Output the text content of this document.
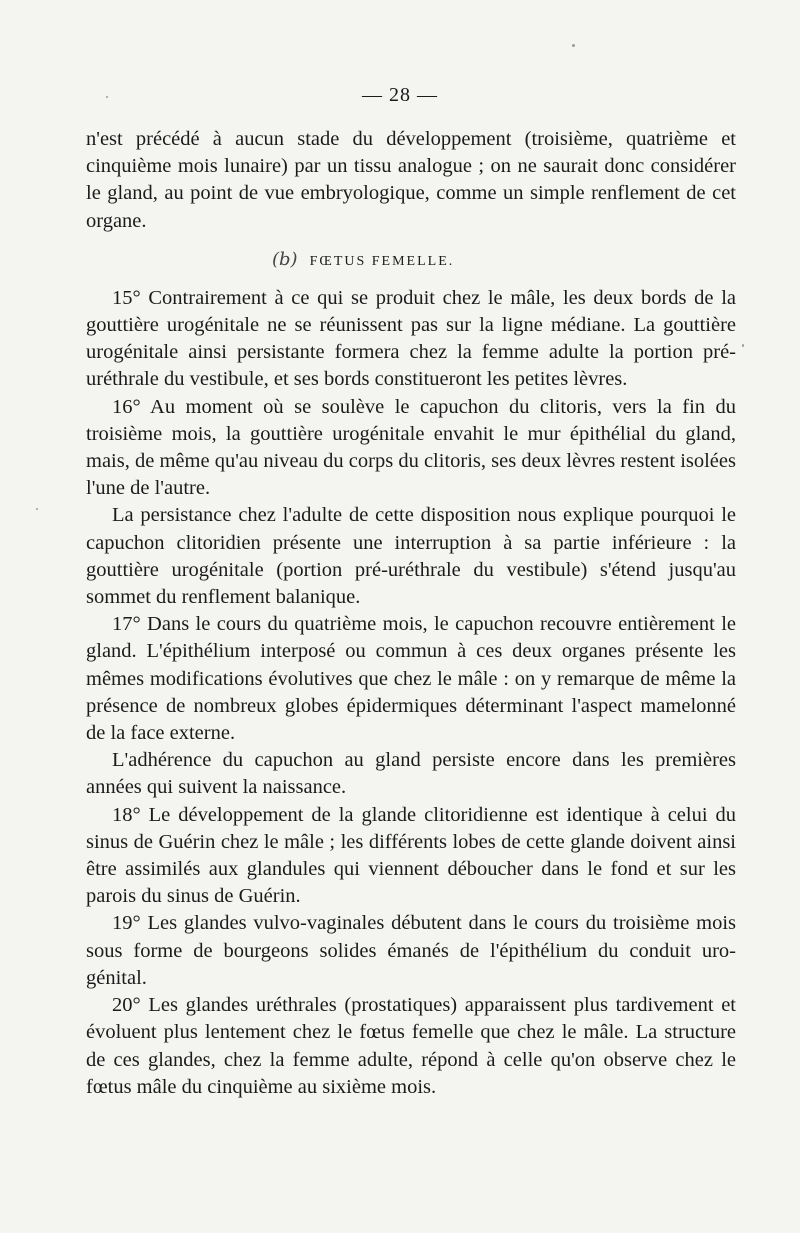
— 28 —

n'est précédé à aucun stade du développement (troisième, quatrième et cinquième mois lunaire) par un tissu analogue ; on ne saurait donc considérer le gland, au point de vue embryologique, comme un simple renflement de cet organe.

(b) FŒTUS FEMELLE.

15° Contrairement à ce qui se produit chez le mâle, les deux bords de la gouttière urogénitale ne se réunissent pas sur la ligne médiane. La gouttière urogénitale ainsi persistante formera chez la femme adulte la portion pré-uréthrale du vestibule, et ses bords constitueront les petites lèvres.

16° Au moment où se soulève le capuchon du clitoris, vers la fin du troisième mois, la gouttière urogénitale envahit le mur épithélial du gland, mais, de même qu'au niveau du corps du clitoris, ses deux lèvres restent isolées l'une de l'autre.

La persistance chez l'adulte de cette disposition nous explique pourquoi le capuchon clitoridien présente une interruption à sa partie inférieure : la gouttière urogénitale (portion pré-uréthrale du vestibule) s'étend jusqu'au sommet du renflement balanique.

17° Dans le cours du quatrième mois, le capuchon recouvre entièrement le gland. L'épithélium interposé ou commun à ces deux organes présente les mêmes modifications évolutives que chez le mâle : on y remarque de même la présence de nombreux globes épidermiques déterminant l'aspect mamelonné de la face externe.

L'adhérence du capuchon au gland persiste encore dans les premières années qui suivent la naissance.

18° Le développement de la glande clitoridienne est identique à celui du sinus de Guérin chez le mâle ; les différents lobes de cette glande doivent ainsi être assimilés aux glandules qui viennent déboucher dans le fond et sur les parois du sinus de Guérin.

19° Les glandes vulvo-vaginales débutent dans le cours du troisième mois sous forme de bourgeons solides émanés de l'épithélium du conduit uro-génital.

20° Les glandes uréthrales (prostatiques) apparaissent plus tardivement et évoluent plus lentement chez le fœtus femelle que chez le mâle. La structure de ces glandes, chez la femme adulte, répond à celle qu'on observe chez le fœtus mâle du cinquième au sixième mois.
